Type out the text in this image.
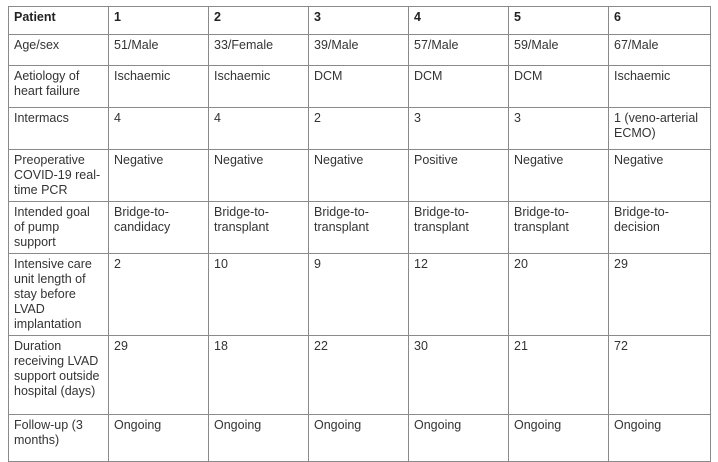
Patient	1	2	3	4	5	6
Age/sex	51/Male	33/Female	39/Male	57/Male	59/Male	67/Male
Aetiology of heart failure	Ischaemic	Ischaemic	DCM	DCM	DCM	Ischaemic
Intermacs	4	4	2	3	3	1 (veno-arterial ECMO)
Preoperative COVID-19 real-time PCR	Negative	Negative	Negative	Positive	Negative	Negative
Intended goal of pump support	Bridge-to-candidacy	Bridge-to-transplant	Bridge-to-transplant	Bridge-to-transplant	Bridge-to-transplant	Bridge-to-decision
Intensive care unit length of stay before LVAD implantation	2	10	9	12	20	29
Duration receiving LVAD support outside hospital (days)	29	18	22	30	21	72
Follow-up (3 months)	Ongoing	Ongoing	Ongoing	Ongoing	Ongoing	Ongoing
